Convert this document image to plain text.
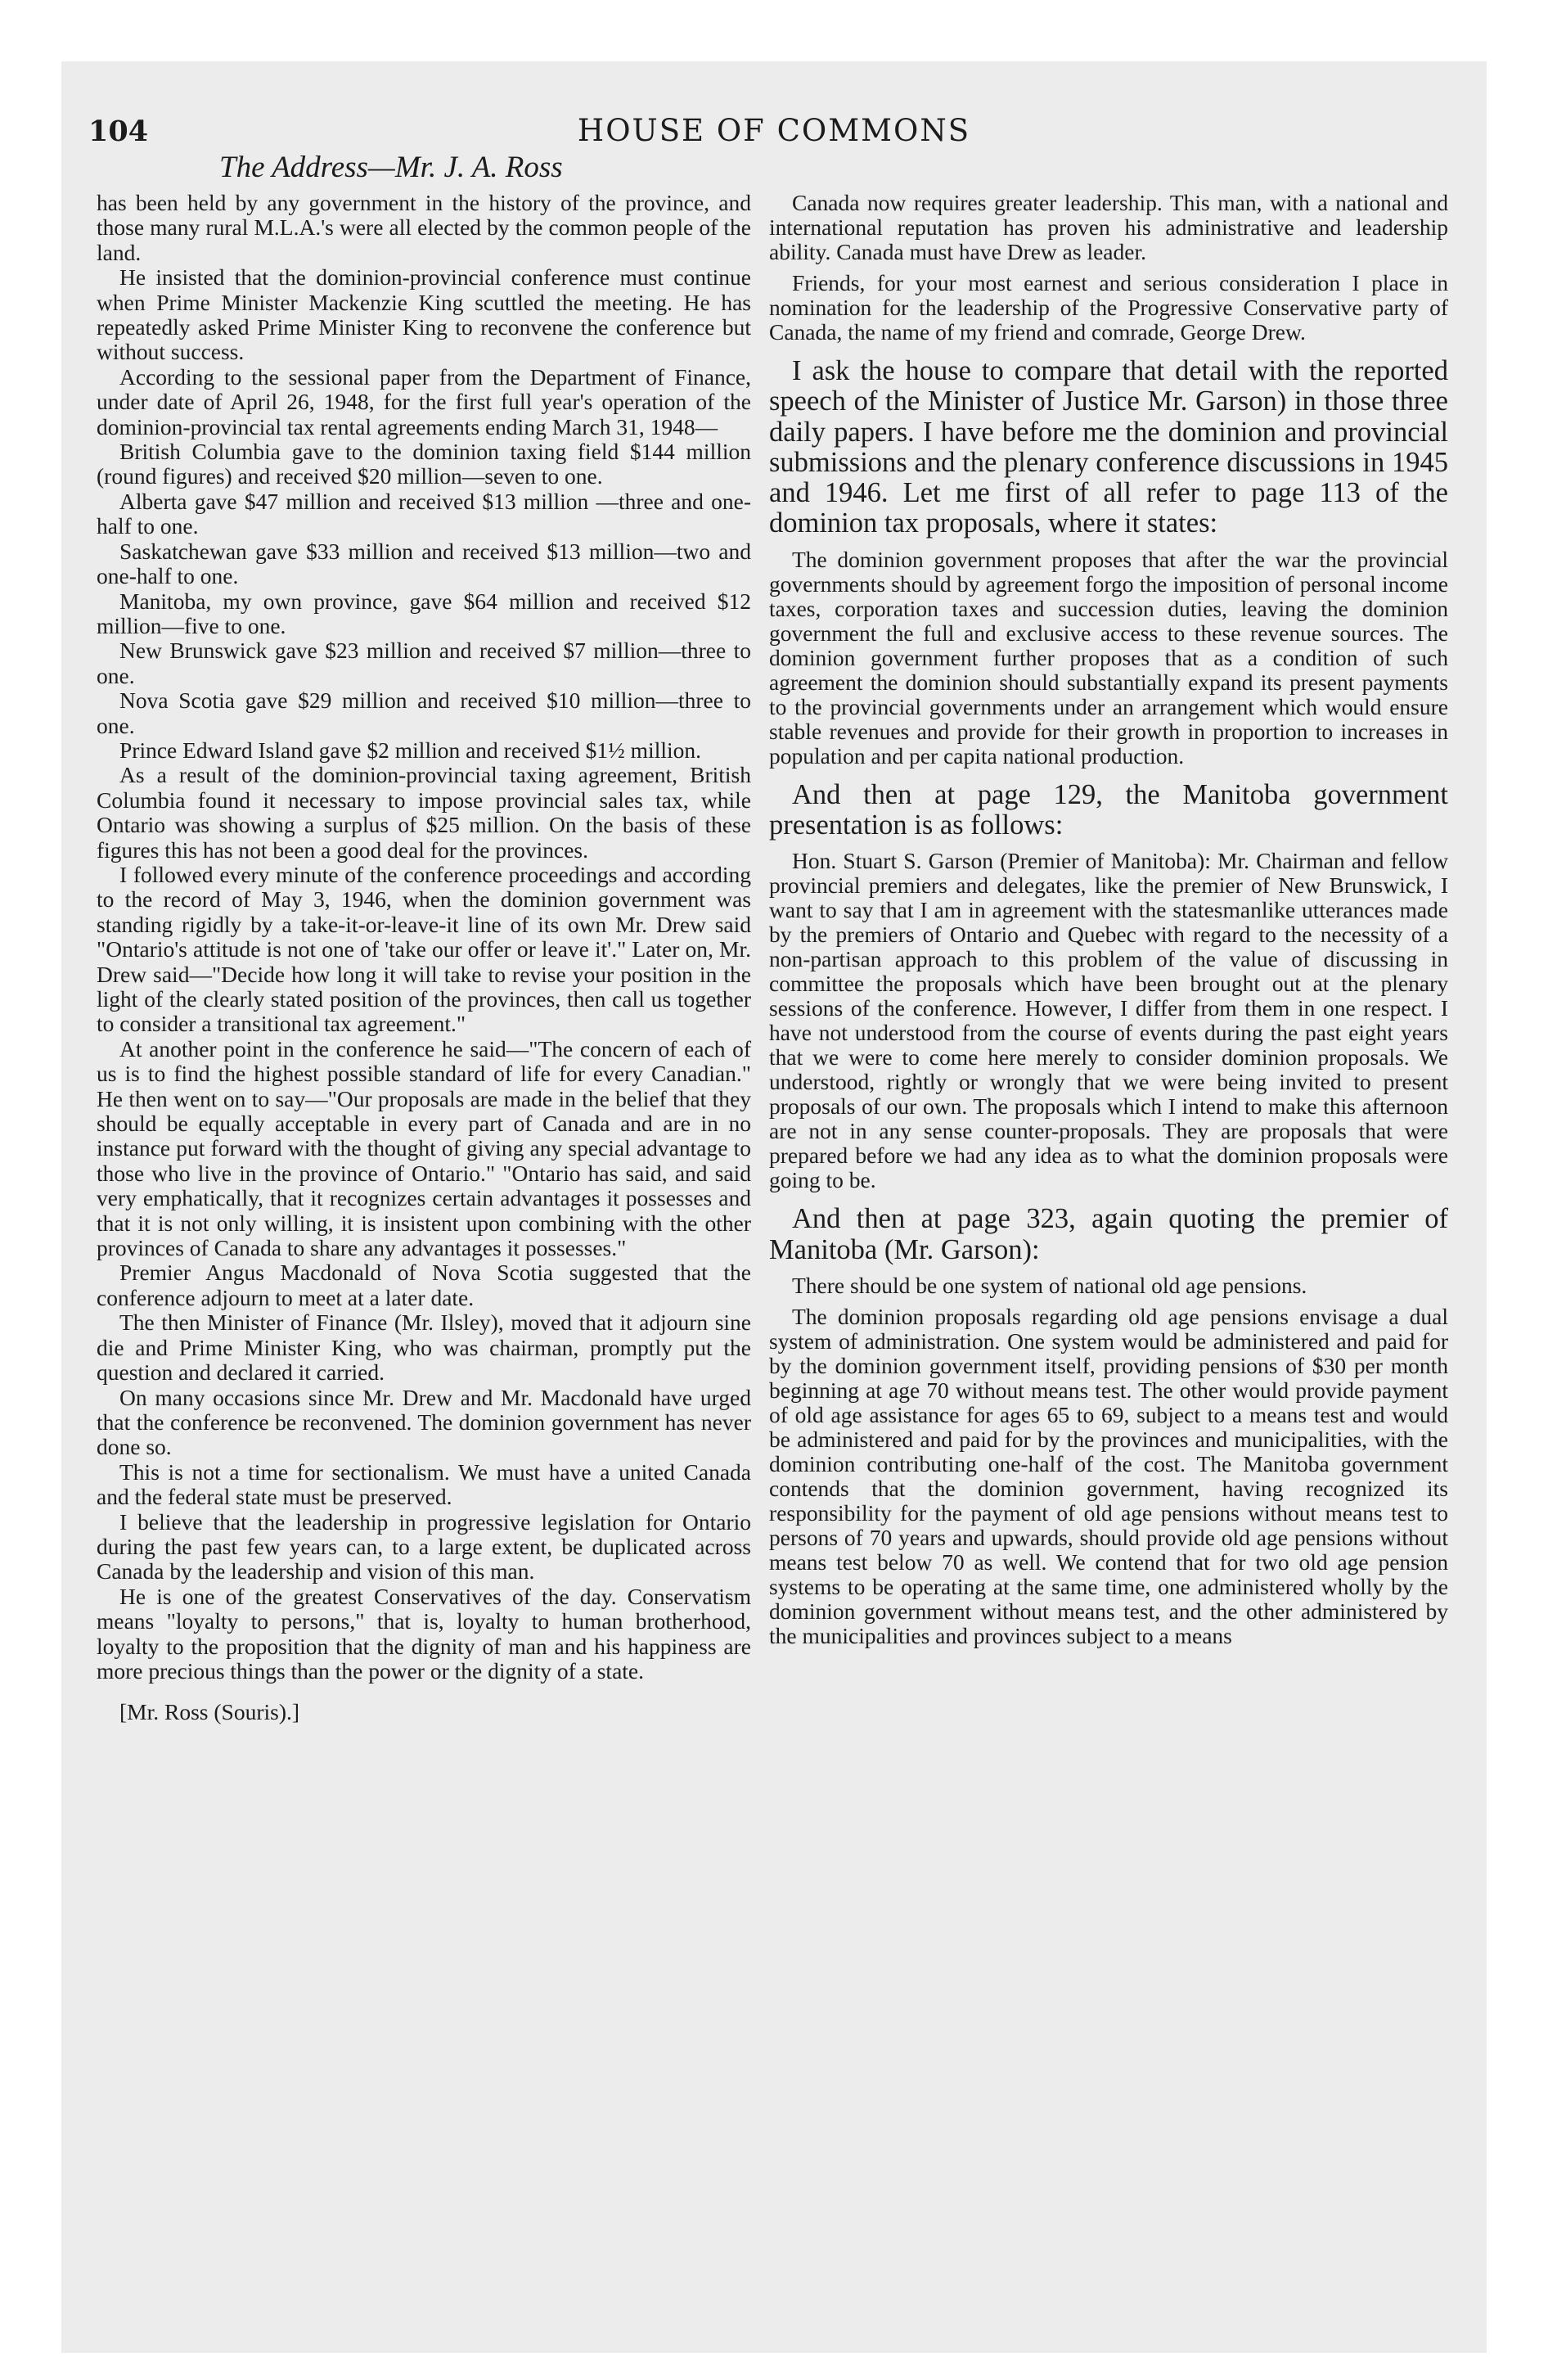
104	HOUSE OF COMMONS
The Address—Mr. J. A. Ross

has been held by any government in the history of the province, and those many rural M.L.A.'s were all elected by the common people of the land.

He insisted that the dominion-provincial conference must continue when Prime Minister Mackenzie King scuttled the meeting. He has repeatedly asked Prime Minister King to reconvene the conference but without success.

According to the sessional paper from the Department of Finance, under date of April 26, 1948, for the first full year's operation of the dominion-provincial tax rental agreements ending March 31, 1948—

British Columbia gave to the dominion taxing field $144 million (round figures) and received $20 million—seven to one.

Alberta gave $47 million and received $13 million —three and one-half to one.

Saskatchewan gave $33 million and received $13 million—two and one-half to one.

Manitoba, my own province, gave $64 million and received $12 million—five to one.

New Brunswick gave $23 million and received $7 million—three to one.

Nova Scotia gave $29 million and received $10 million—three to one.

Prince Edward Island gave $2 million and received $1½ million.

As a result of the dominion-provincial taxing agreement, British Columbia found it necessary to impose provincial sales tax, while Ontario was showing a surplus of $25 million. On the basis of these figures this has not been a good deal for the provinces.

I followed every minute of the conference proceedings and according to the record of May 3, 1946, when the dominion government was standing rigidly by a take-it-or-leave-it line of its own Mr. Drew said "Ontario's attitude is not one of 'take our offer or leave it'." Later on, Mr. Drew said—"Decide how long it will take to revise your position in the light of the clearly stated position of the provinces, then call us together to consider a transitional tax agreement."

At another point in the conference he said—"The concern of each of us is to find the highest possible standard of life for every Canadian." He then went on to say—"Our proposals are made in the belief that they should be equally acceptable in every part of Canada and are in no instance put forward with the thought of giving any special advantage to those who live in the province of Ontario." "Ontario has said, and said very emphatically, that it recognizes certain advantages it possesses and that it is not only willing, it is insistent upon combining with the other provinces of Canada to share any advantages it possesses."

Premier Angus Macdonald of Nova Scotia suggested that the conference adjourn to meet at a later date.

The then Minister of Finance (Mr. Ilsley), moved that it adjourn sine die and Prime Minister King, who was chairman, promptly put the question and declared it carried.

On many occasions since Mr. Drew and Mr. Macdonald have urged that the conference be reconvened. The dominion government has never done so.

This is not a time for sectionalism. We must have a united Canada and the federal state must be preserved.

I believe that the leadership in progressive legislation for Ontario during the past few years can, to a large extent, be duplicated across Canada by the leadership and vision of this man.

He is one of the greatest Conservatives of the day. Conservatism means "loyalty to persons," that is, loyalty to human brotherhood, loyalty to the proposition that the dignity of man and his happiness are more precious things than the power or the dignity of a state.

[Mr. Ross (Souris).]

Canada now requires greater leadership. This man, with a national and international reputation has proven his administrative and leadership ability. Canada must have Drew as leader.

Friends, for your most earnest and serious consideration I place in nomination for the leadership of the Progressive Conservative party of Canada, the name of my friend and comrade, George Drew.

I ask the house to compare that detail with the reported speech of the Minister of Justice Mr. Garson) in those three daily papers. I have before me the dominion and provincial submissions and the plenary conference discussions in 1945 and 1946. Let me first of all refer to page 113 of the dominion tax proposals, where it states:

The dominion government proposes that after the war the provincial governments should by agreement forgo the imposition of personal income taxes, corporation taxes and succession duties, leaving the dominion government the full and exclusive access to these revenue sources. The dominion government further proposes that as a condition of such agreement the dominion should substantially expand its present payments to the provincial governments under an arrangement which would ensure stable revenues and provide for their growth in proportion to increases in population and per capita national production.

And then at page 129, the Manitoba government presentation is as follows:

Hon. Stuart S. Garson (Premier of Manitoba): Mr. Chairman and fellow provincial premiers and delegates, like the premier of New Brunswick, I want to say that I am in agreement with the statesmanlike utterances made by the premiers of Ontario and Quebec with regard to the necessity of a non-partisan approach to this problem of the value of discussing in committee the proposals which have been brought out at the plenary sessions of the conference. However, I differ from them in one respect. I have not understood from the course of events during the past eight years that we were to come here merely to consider dominion proposals. We understood, rightly or wrongly that we were being invited to present proposals of our own. The proposals which I intend to make this afternoon are not in any sense counter-proposals. They are proposals that were prepared before we had any idea as to what the dominion proposals were going to be.

And then at page 323, again quoting the premier of Manitoba (Mr. Garson):

There should be one system of national old age pensions.

The dominion proposals regarding old age pensions envisage a dual system of administration. One system would be administered and paid for by the dominion government itself, providing pensions of $30 per month beginning at age 70 without means test. The other would provide payment of old age assistance for ages 65 to 69, subject to a means test and would be administered and paid for by the provinces and municipalities, with the dominion contributing one-half of the cost. The Manitoba government contends that the dominion government, having recognized its responsibility for the payment of old age pensions without means test to persons of 70 years and upwards, should provide old age pensions without means test below 70 as well. We contend that for two old age pension systems to be operating at the same time, one administered wholly by the dominion government without means test, and the other administered by the municipalities and provinces subject to a means
